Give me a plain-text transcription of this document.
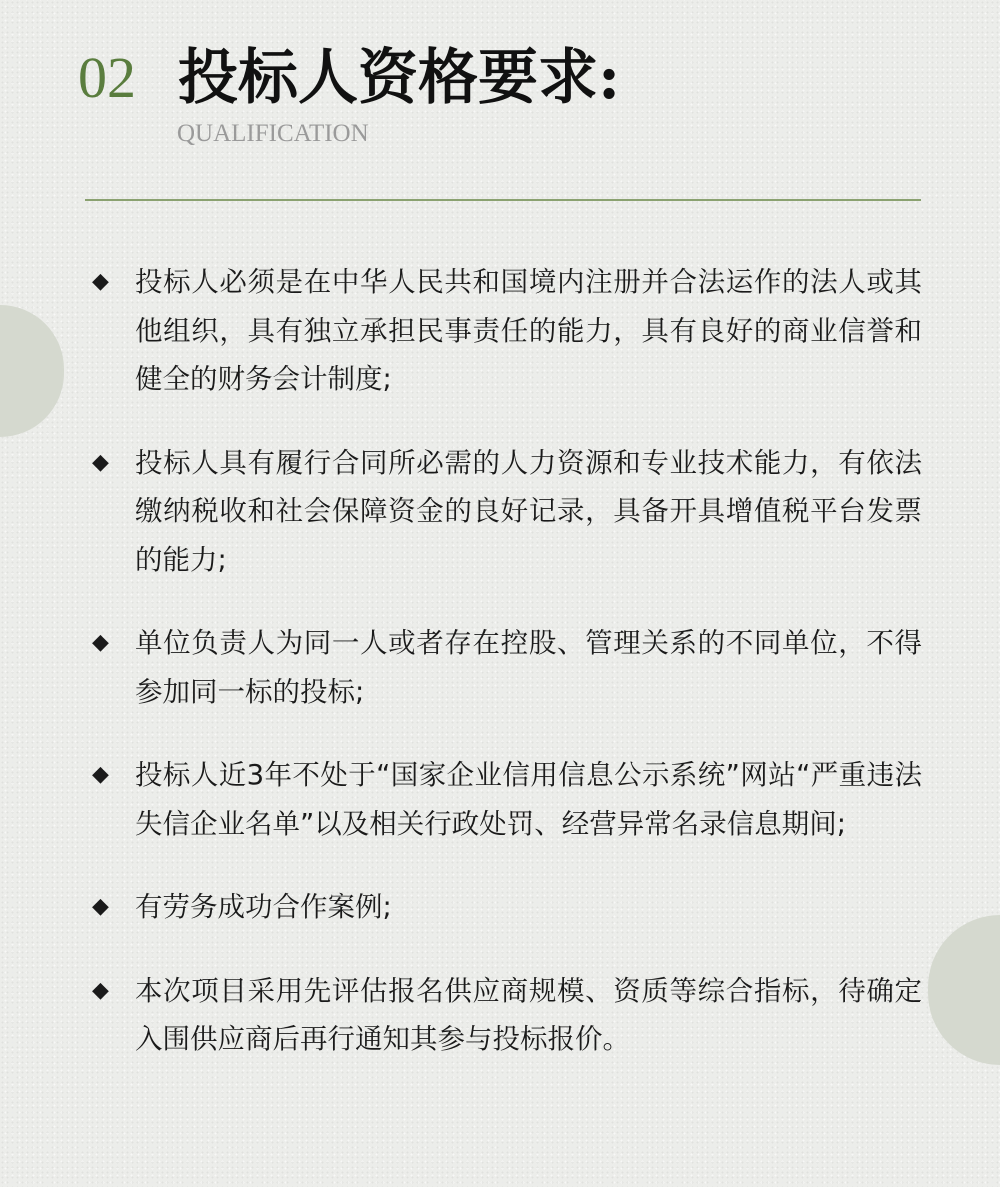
02 投标人资格要求:
QUALIFICATION
◆ 投标人必须是在中华人民共和国境内注册并合法运作的法人或其他组织，具有独立承担民事责任的能力，具有良好的商业信誉和健全的财务会计制度;
◆ 投标人具有履行合同所必需的人力资源和专业技术能力，有依法缴纳税收和社会保障资金的良好记录，具备开具增值税平台发票的能力;
◆ 单位负责人为同一人或者存在控股、管理关系的不同单位，不得参加同一标的投标;
◆ 投标人近3年不处于“国家企业信用信息公示系统”网站“严重违法失信企业名单”以及相关行政处罚、经营异常名录信息期间;
◆ 有劳务成功合作案例;
◆ 本次项目采用先评估报名供应商规模、资质等综合指标，待确定入围供应商后再行通知其参与投标报价。
